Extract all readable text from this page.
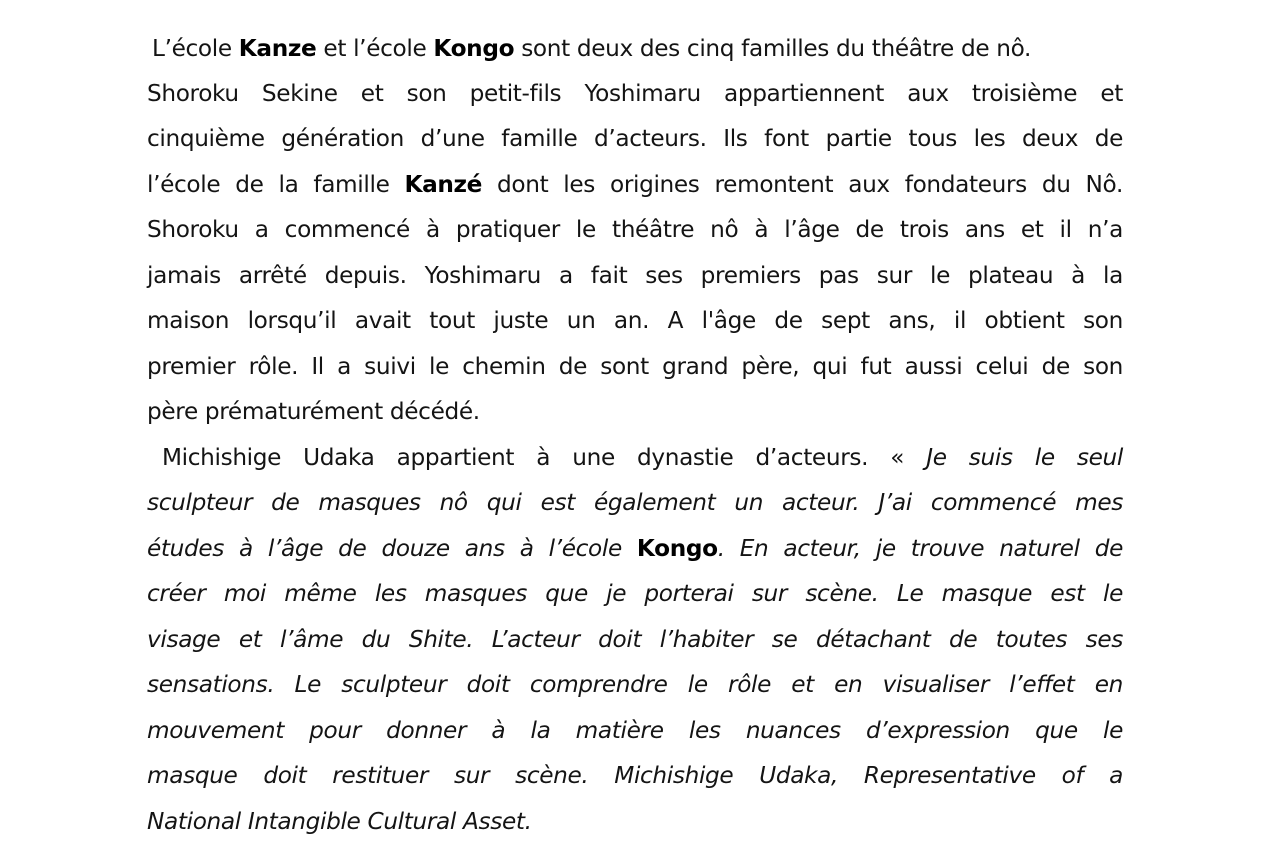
L’école Kanze et l’école Kongo sont deux des cinq familles du théâtre de nô.
Shoroku Sekine et son petit-fils Yoshimaru appartiennent aux troisième et
cinquième génération d’une famille d’acteurs. Ils font partie tous les deux de
l’école de la famille Kanzé dont les origines remontent aux fondateurs du Nô.
Shoroku a commencé à pratiquer le théâtre nô à l’âge de trois ans et il n’a
jamais arrêté depuis. Yoshimaru a fait ses premiers pas sur le plateau à la
maison lorsqu’il avait tout juste un an. A l'âge de sept ans, il obtient son
premier rôle. Il a suivi le chemin de sont grand père, qui fut aussi celui de son
père prématurément décédé.
Michishige Udaka appartient à une dynastie d’acteurs. « Je suis le seul
sculpteur de masques nô qui est également un acteur. J’ai commencé mes
études à l’âge de douze ans à l’école Kongo. En acteur, je trouve naturel de
créer moi même les masques que je porterai sur scène. Le masque est le
visage et l’âme du Shite. L’acteur doit l’habiter se détachant de toutes ses
sensations. Le sculpteur doit comprendre le rôle et en visualiser l’effet en
mouvement pour donner à la matière les nuances d’expression que le
masque doit restituer sur scène. Michishige Udaka, Representative of a
National Intangible Cultural Asset.
